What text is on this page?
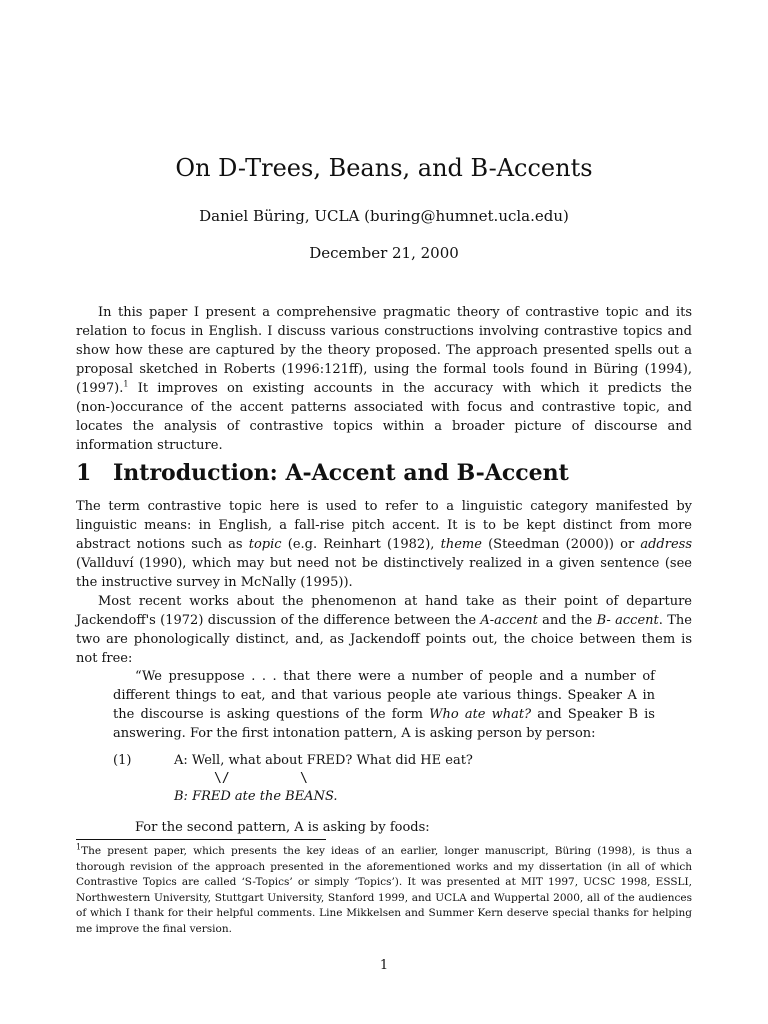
On D-Trees, Beans, and B-Accents
Daniel Büring, UCLA (buring@humnet.ucla.edu)
December 21, 2000

In this paper I present a comprehensive pragmatic theory of contrastive topic and its relation to focus in English. I discuss various constructions involving contrastive topics and show how these are captured by the theory proposed. The approach presented spells out a proposal sketched in Roberts (1996:121ff), using the formal tools found in Büring (1994), (1997).$^1$ It improves on existing accounts in the accuracy with which it predicts the (non-)occurance of the accent patterns associated with focus and contrastive topic, and locates the analysis of contrastive topics within a broader picture of discourse and information structure.

1 Introduction: A-Accent and B-Accent

The term contrastive topic here is used to refer to a linguistic category manifested by linguistic means: in English, a fall-rise pitch accent. It is to be kept distinct from more abstract notions such as topic (e.g. Reinhart (1982), theme (Steedman (2000)) or address (Vallduví (1990), which may but need not be distinctively realized in a given sentence (see the instructive survey in McNally (1995)).

Most recent works about the phenomenon at hand take as their point of departure Jackendoff's (1972) discussion of the difference between the A-accent and the B- accent. The two are phonologically distinct, and, as Jackendoff points out, the choice between them is not free:

“We presuppose . . . that there were a number of people and a number of different things to eat, and that various people ate various things. Speaker A in the discourse is asking questions of the form Who ate what? and Speaker B is answering. For the first intonation pattern, A is asking person by person:

(1)	A: Well, what about FRED? What did HE eat?
\/	\
B: FRED ate the BEANS.
For the second pattern, A is asking by foods:

$^1$The present paper, which presents the key ideas of an earlier, longer manuscript, Büring (1998), is thus a thorough revision of the approach presented in the aforementioned works and my dissertation (in all of which Contrastive Topics are called ‘S-Topics’ or simply ‘Topics’). It was presented at MIT 1997, UCSC 1998, ESSLI, Northwestern University, Stuttgart University, Stanford 1999, and UCLA and Wuppertal 2000, all of the audiences of which I thank for their helpful comments. Line Mikkelsen and Summer Kern deserve special thanks for helping me improve the final version.

1
